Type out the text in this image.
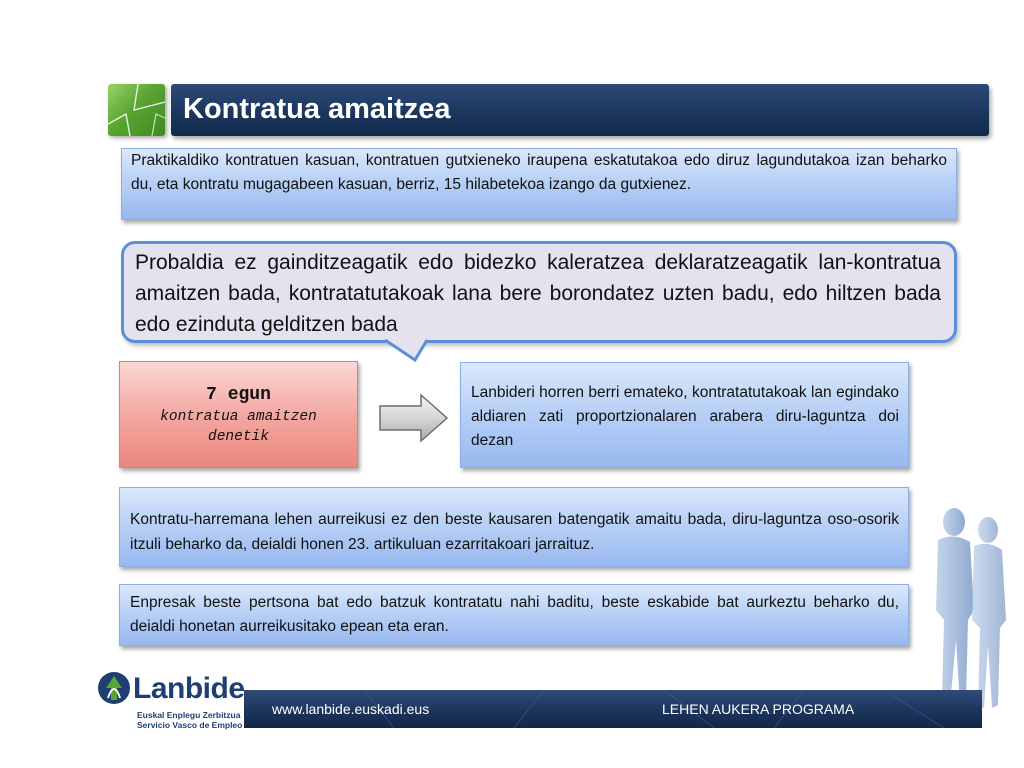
Kontratua amaitzea
Praktikaldiko kontratuen kasuan, kontratuen gutxieneko iraupena eskatutakoa edo diruz lagundutakoa izan beharko du, eta kontratu mugagabeen kasuan, berriz, 15 hilabetekoa izango da gutxienez.
Probaldia ez gainditzeagatik edo bidezko kaleratzea deklaratzeagatik lan-kontratua amaitzen bada, kontratatutakoak lana bere borondatez uzten badu, edo hiltzen bada edo ezinduta gelditzen bada
7 egun
kontratua amaitzen denetik
Lanbideri horren berri emateko, kontratatutakoak lan egindako aldiaren zati proportzionalaren arabera diru-laguntza doi dezan
Kontratu-harremana lehen aurreikusi ez den beste kausaren batengatik amaitu bada, diru-laguntza oso-osorik itzuli beharko da, deialdi honen 23. artikuluan ezarritakoari jarraituz.
Enpresak beste pertsona bat edo batzuk kontratatu nahi baditu, beste eskabide bat aurkeztu beharko du, deialdi honetan aurreikusitako epean eta eran.
www.lanbide.euskadi.eus	LEHEN AUKERA PROGRAMA
Lanbide
Euskal Enplegu Zerbitzua
Servicio Vasco de Empleo
